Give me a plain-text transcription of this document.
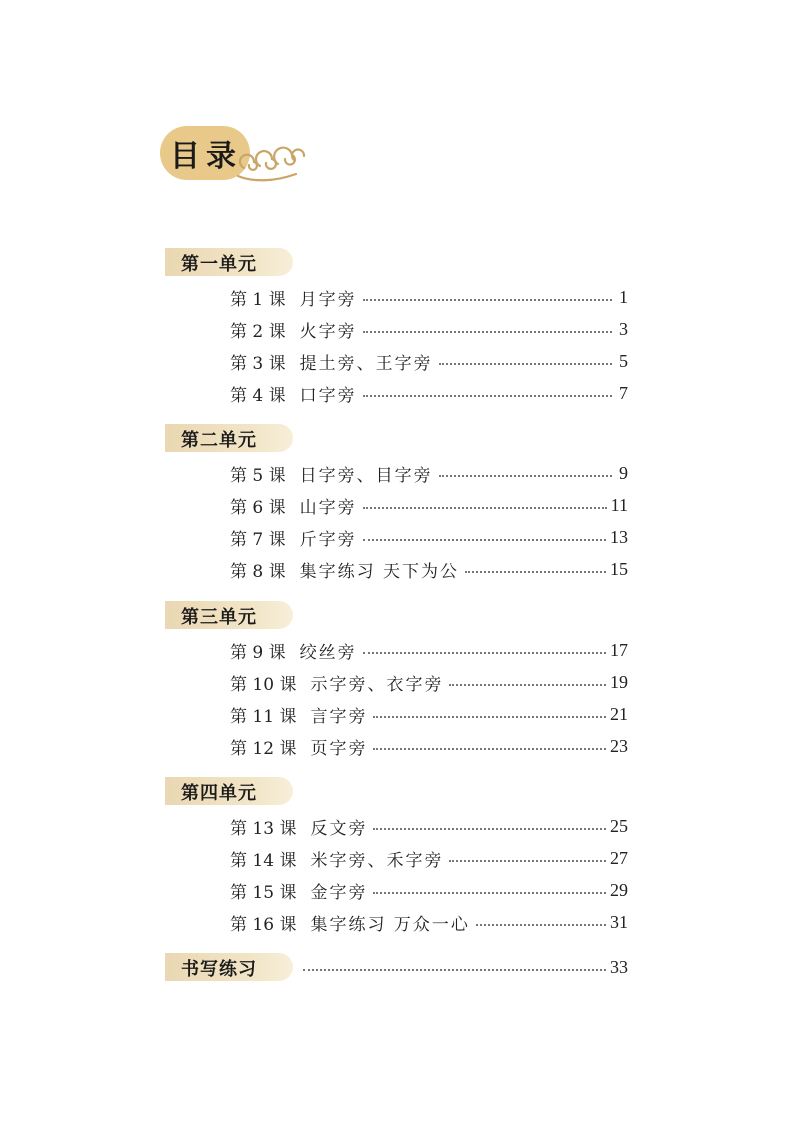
目录
第一单元
第 1 课 月字旁	1
第 2 课 火字旁	3
第 3 课 提土旁、王字旁	5
第 4 课 口字旁	7
第二单元
第 5 课 日字旁、目字旁	9
第 6 课 山字旁	11
第 7 课 斤字旁	13
第 8 课 集字练习 天下为公	15
第三单元
第 9 课 绞丝旁	17
第 10 课 示字旁、衣字旁	19
第 11 课 言字旁	21
第 12 课 页字旁	23
第四单元
第 13 课 反文旁	25
第 14 课 米字旁、禾字旁	27
第 15 课 金字旁	29
第 16 课 集字练习 万众一心	31
书写练习	33
